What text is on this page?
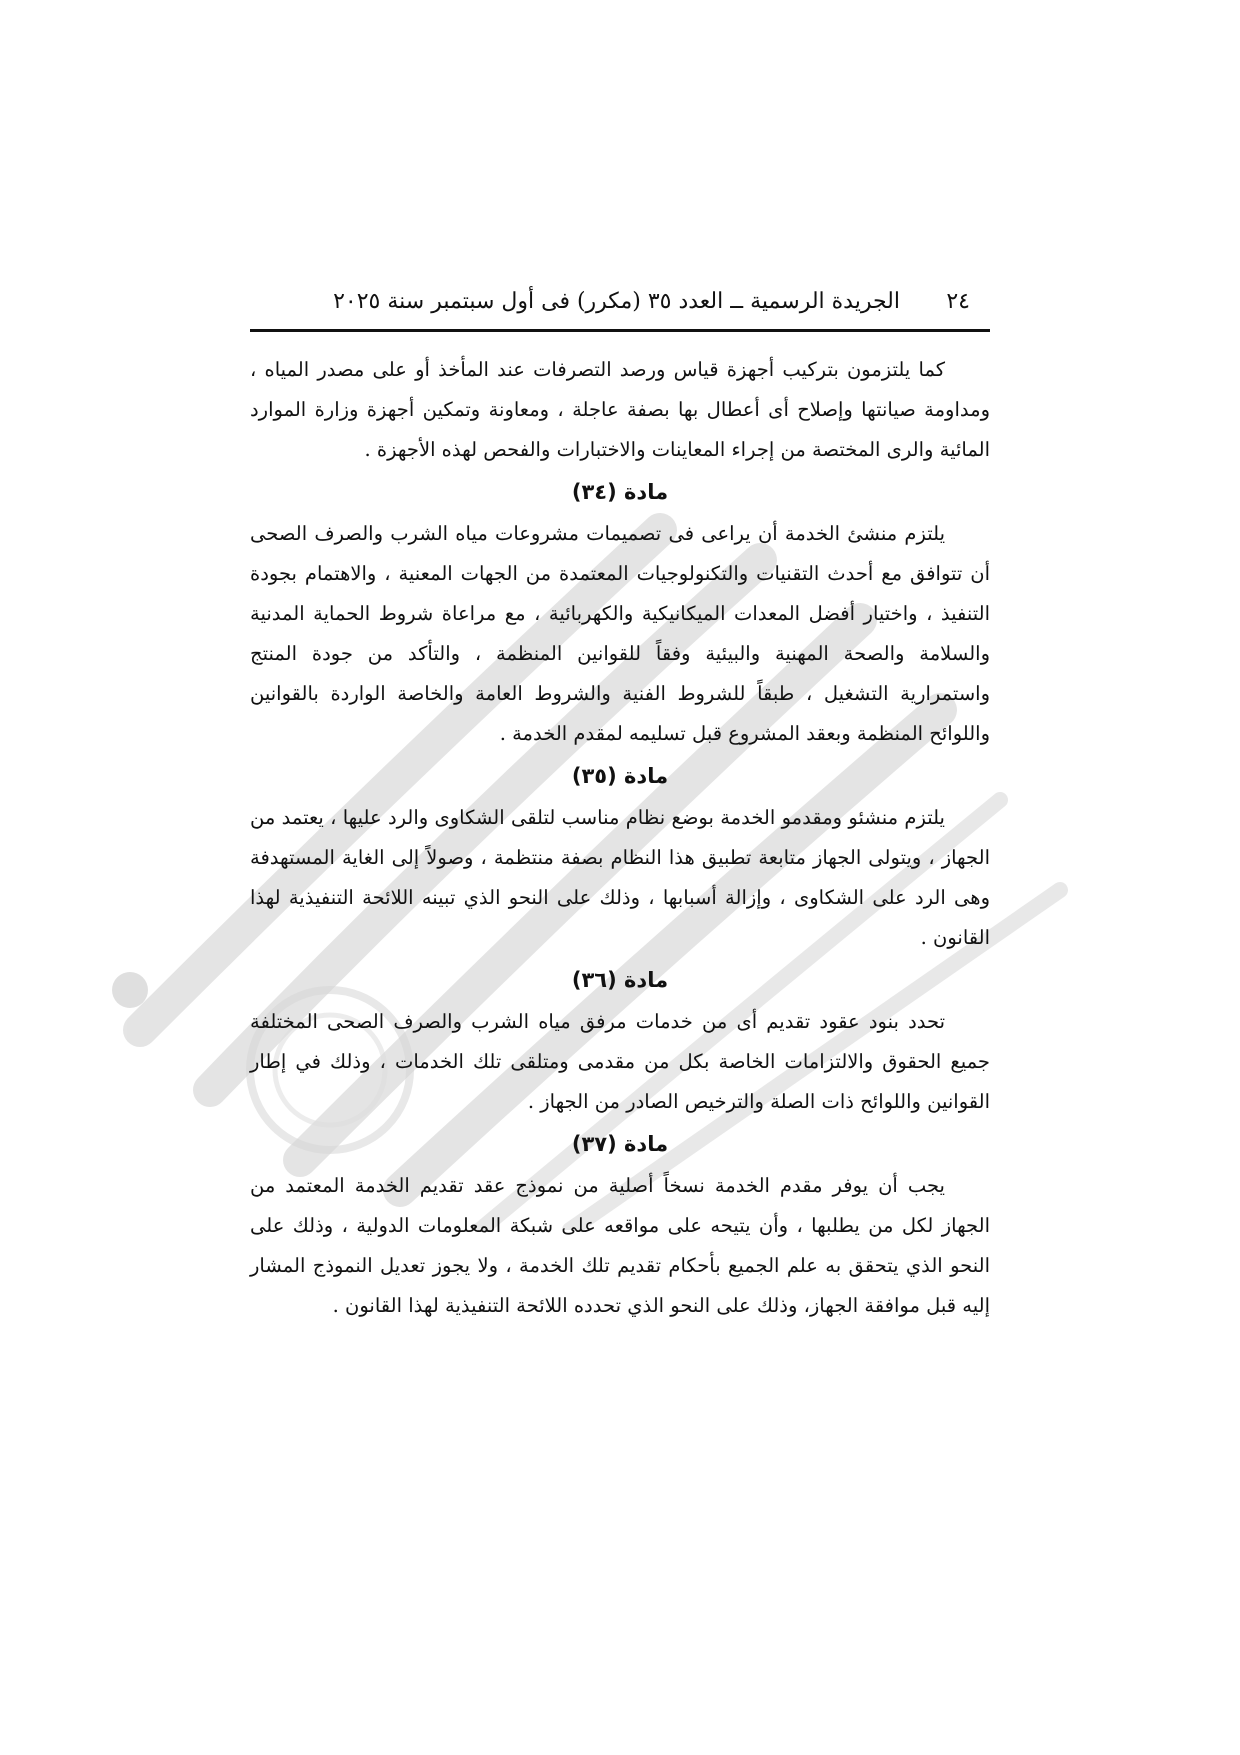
٢٤
الجريدة الرسمية ــ العدد ٣٥ (مكرر) فى أول سبتمبر سنة ٢٠٢٥

كما يلتزمون بتركيب أجهزة قياس ورصد التصرفات عند المأخذ أو على مصدر المياه ، ومداومة صيانتها وإصلاح أى أعطال بها بصفة عاجلة ، ومعاونة وتمكين أجهزة وزارة الموارد المائية والرى المختصة من إجراء المعاينات والاختبارات والفحص لهذه الأجهزة .

مادة (٣٤)

يلتزم منشئ الخدمة أن يراعى فى تصميمات مشروعات مياه الشرب والصرف الصحى أن تتوافق مع أحدث التقنيات والتكنولوجيات المعتمدة من الجهات المعنية ، والاهتمام بجودة التنفيذ ، واختيار أفضل المعدات الميكانيكية والكهربائية ، مع مراعاة شروط الحماية المدنية والسلامة والصحة المهنية والبيئية وفقاً للقوانين المنظمة ، والتأكد من جودة المنتج واستمرارية التشغيل ، طبقاً للشروط الفنية والشروط العامة والخاصة الواردة بالقوانين واللوائح المنظمة وبعقد المشروع قبل تسليمه لمقدم الخدمة .

مادة (٣٥)

يلتزم منشئو ومقدمو الخدمة بوضع نظام مناسب لتلقى الشكاوى والرد عليها ، يعتمد من الجهاز ، ويتولى الجهاز متابعة تطبيق هذا النظام بصفة منتظمة ، وصولاً إلى الغاية المستهدفة وهى الرد على الشكاوى ، وإزالة أسبابها ، وذلك على النحو الذي تبينه اللائحة التنفيذية لهذا القانون .

مادة (٣٦)

تحدد بنود عقود تقديم أى من خدمات مرفق مياه الشرب والصرف الصحى المختلفة جميع الحقوق والالتزامات الخاصة بكل من مقدمى ومتلقى تلك الخدمات ، وذلك في إطار القوانين واللوائح ذات الصلة والترخيص الصادر من الجهاز .

مادة (٣٧)

يجب أن يوفر مقدم الخدمة نسخاً أصلية من نموذج عقد تقديم الخدمة المعتمد من الجهاز لكل من يطلبها ، وأن يتيحه على مواقعه على شبكة المعلومات الدولية ، وذلك على النحو الذي يتحقق به علم الجميع بأحكام تقديم تلك الخدمة ، ولا يجوز تعديل النموذج المشار إليه قبل موافقة الجهاز، وذلك على النحو الذي تحدده اللائحة التنفيذية لهذا القانون .
